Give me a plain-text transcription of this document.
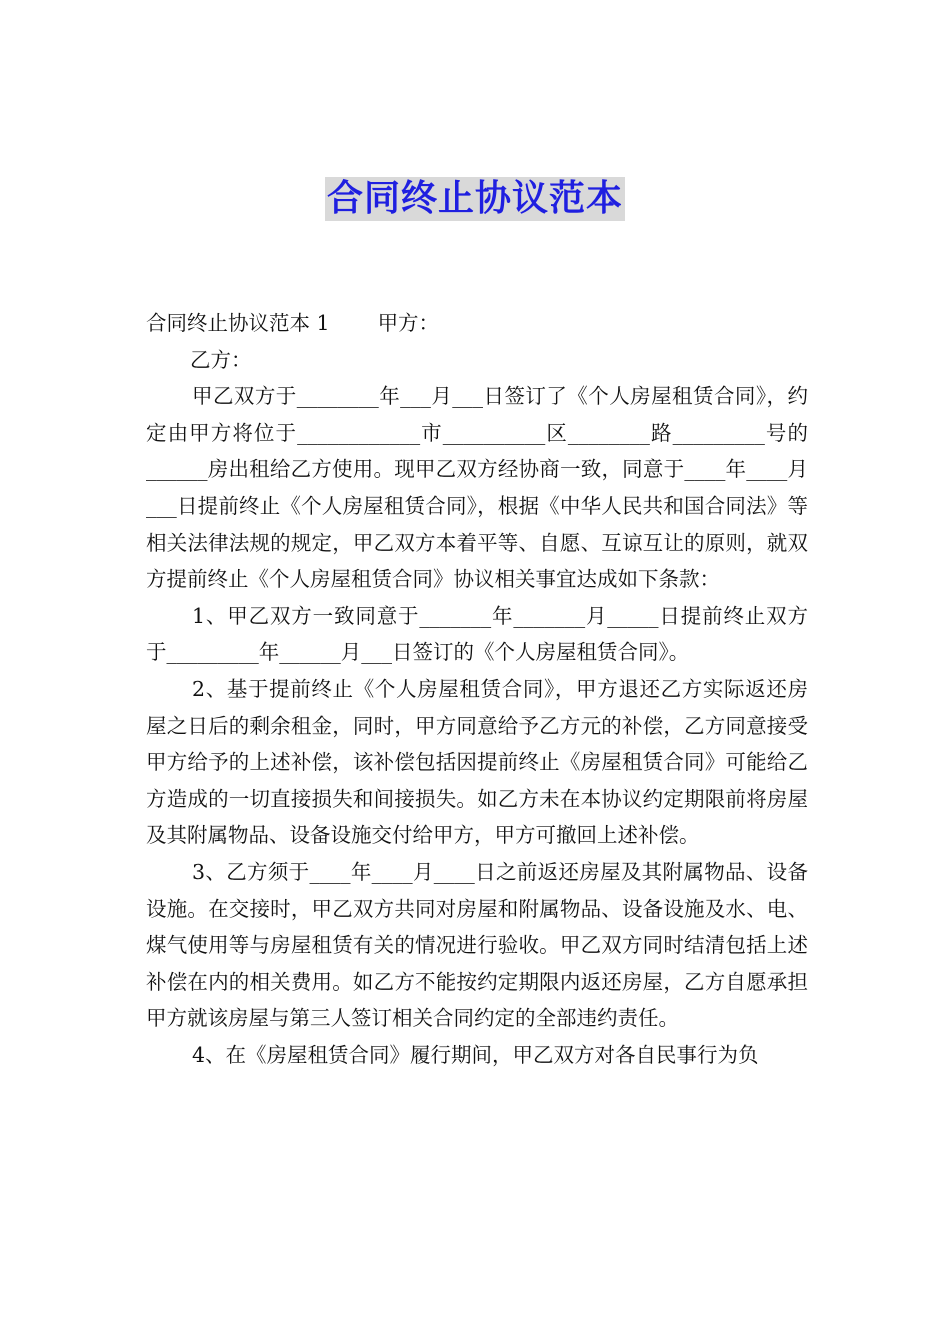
合同终止协议范本

合同终止协议范本 1 甲方：

乙方：

甲乙双方于________年___月___日签订了《个人房屋租赁合同》，约定由甲方将位于____________市__________区________路_________号的______房出租给乙方使用。现甲乙双方经协商一致，同意于____年____月___日提前终止《个人房屋租赁合同》，根据《中华人民共和国合同法》等相关法律法规的规定，甲乙双方本着平等、自愿、互谅互让的原则，就双方提前终止《个人房屋租赁合同》协议相关事宜达成如下条款：

1、甲乙双方一致同意于_______年_______月_____日提前终止双方于_________年______月___日签订的《个人房屋租赁合同》。

2、基于提前终止《个人房屋租赁合同》，甲方退还乙方实际返还房屋之日后的剩余租金，同时，甲方同意给予乙方元的补偿，乙方同意接受甲方给予的上述补偿，该补偿包括因提前终止《房屋租赁合同》可能给乙方造成的一切直接损失和间接损失。如乙方未在本协议约定期限前将房屋及其附属物品、设备设施交付给甲方，甲方可撤回上述补偿。

3、乙方须于____年____月____日之前返还房屋及其附属物品、设备设施。在交接时，甲乙双方共同对房屋和附属物品、设备设施及水、电、煤气使用等与房屋租赁有关的情况进行验收。甲乙双方同时结清包括上述补偿在内的相关费用。如乙方不能按约定期限内返还房屋，乙方自愿承担甲方就该房屋与第三人签订相关合同约定的全部违约责任。

4、在《房屋租赁合同》履行期间，甲乙双方对各自民事行为负
